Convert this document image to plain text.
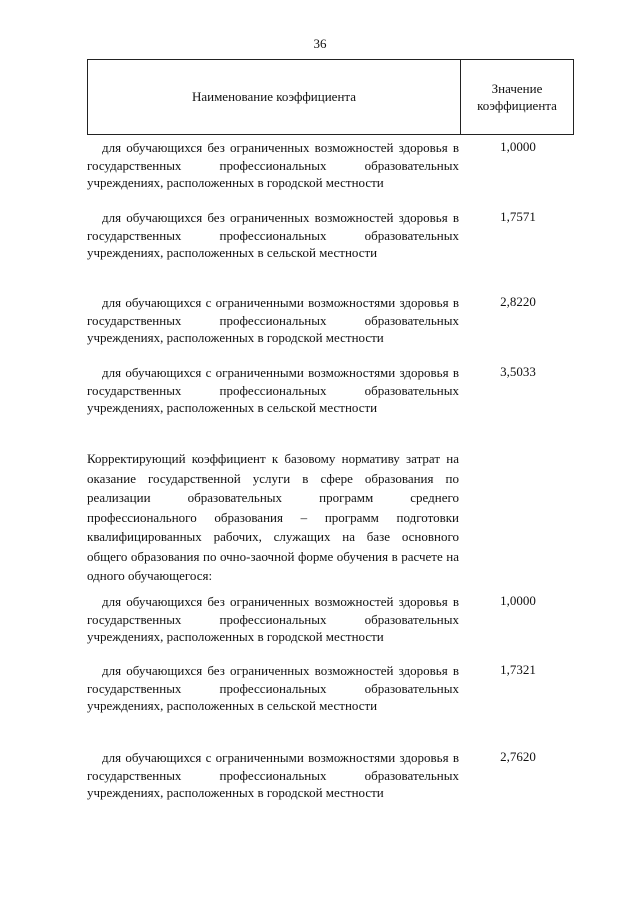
36
Наименование коэффициента
Значение
коэффициента
для обучающихся без ограниченных возможностей здоровья в государственных профессиональных образовательных учреждениях, расположенных в городской местности
1,0000
для обучающихся без ограниченных возможностей здоровья в государственных профессиональных образовательных учреждениях, расположенных в сельской местности
1,7571
для обучающихся с ограниченными возможностями здоровья в государственных профессиональных образовательных учреждениях, расположенных в городской местности
2,8220
для обучающихся с ограниченными возможностями здоровья в государственных профессиональных образовательных учреждениях, расположенных в сельской местности
3,5033
Корректирующий коэффициент к базовому нормативу затрат на оказание государственной услуги в сфере образования по реализации образовательных программ среднего профессионального образования – программ подготовки квалифицированных рабочих, служащих на базе основного общего образования по очно-заочной форме обучения в расчете на одного обучающегося:
для обучающихся без ограниченных возможностей здоровья в государственных профессиональных образовательных учреждениях, расположенных в городской местности
1,0000
для обучающихся без ограниченных возможностей здоровья в государственных профессиональных образовательных учреждениях, расположенных в сельской местности
1,7321
для обучающихся с ограниченными возможностями здоровья в государственных профессиональных образовательных учреждениях, расположенных в городской местности
2,7620
